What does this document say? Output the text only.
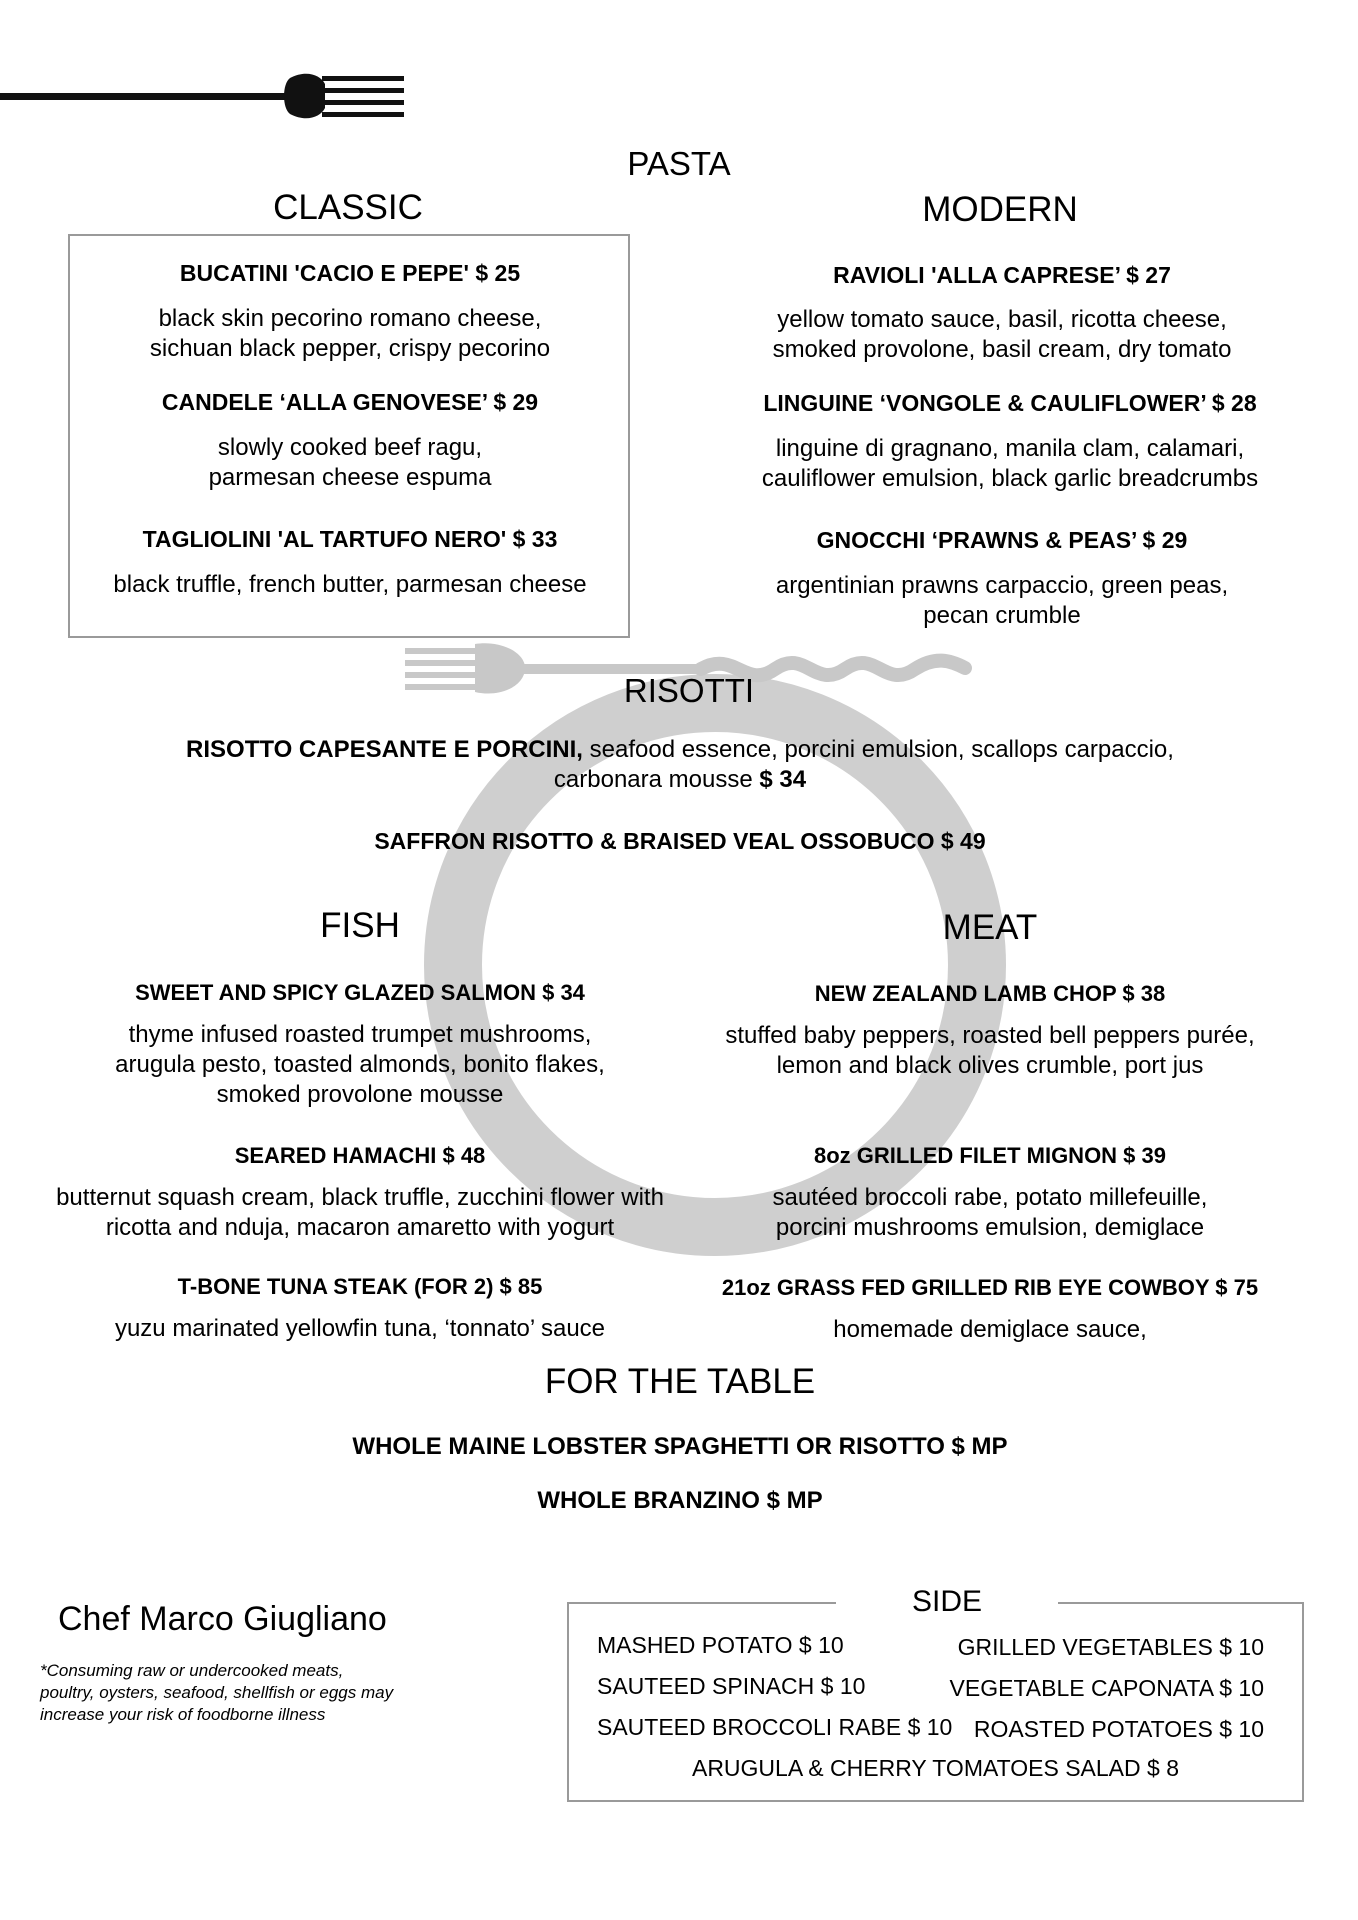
PASTA
CLASSIC
BUCATINI 'CACIO E PEPE' $ 25
black skin pecorino romano cheese,
sichuan black pepper, crispy pecorino
CANDELE ‘ALLA GENOVESE’ $ 29
slowly cooked beef ragu,
parmesan cheese espuma
TAGLIOLINI 'AL TARTUFO NERO' $ 33
black truffle, french butter, parmesan cheese
MODERN
RAVIOLI 'ALLA CAPRESE’ $ 27
yellow tomato sauce, basil, ricotta cheese,
smoked provolone, basil cream, dry tomato
LINGUINE ‘VONGOLE & CAULIFLOWER’ $ 28
linguine di gragnano, manila clam, calamari,
cauliflower emulsion, black garlic breadcrumbs
GNOCCHI ‘PRAWNS & PEAS’ $ 29
argentinian prawns carpaccio, green peas,
pecan crumble
RISOTTI
RISOTTO CAPESANTE E PORCINI, seafood essence, porcini emulsion, scallops carpaccio,
carbonara mousse $ 34
SAFFRON RISOTTO & BRAISED VEAL OSSOBUCO $ 49
FISH
SWEET AND SPICY GLAZED SALMON $ 34
thyme infused roasted trumpet mushrooms,
arugula pesto, toasted almonds, bonito flakes,
smoked provolone mousse
SEARED HAMACHI $ 48
butternut squash cream, black truffle, zucchini flower with
ricotta and nduja, macaron amaretto with yogurt
T-BONE TUNA STEAK (FOR 2) $ 85
yuzu marinated yellowfin tuna, ‘tonnato’ sauce
MEAT
NEW ZEALAND LAMB CHOP $ 38
stuffed baby peppers, roasted bell peppers purée,
lemon and black olives crumble, port jus
8oz GRILLED FILET MIGNON $ 39
sautéed broccoli rabe, potato millefeuille,
porcini mushrooms emulsion, demiglace
21oz GRASS FED GRILLED RIB EYE COWBOY $ 75
homemade demiglace sauce,
FOR THE TABLE
WHOLE MAINE LOBSTER SPAGHETTI OR RISOTTO $ MP
WHOLE BRANZINO $ MP
Chef Marco Giugliano
*Consuming raw or undercooked meats,
poultry, oysters, seafood, shellfish or eggs may
increase your risk of foodborne illness
SIDE
MASHED POTATO $ 10	GRILLED VEGETABLES $ 10
SAUTEED SPINACH $ 10	VEGETABLE CAPONATA $ 10
SAUTEED BROCCOLI RABE $ 10 ROASTED POTATOES $ 10
ARUGULA & CHERRY TOMATOES SALAD $ 8
